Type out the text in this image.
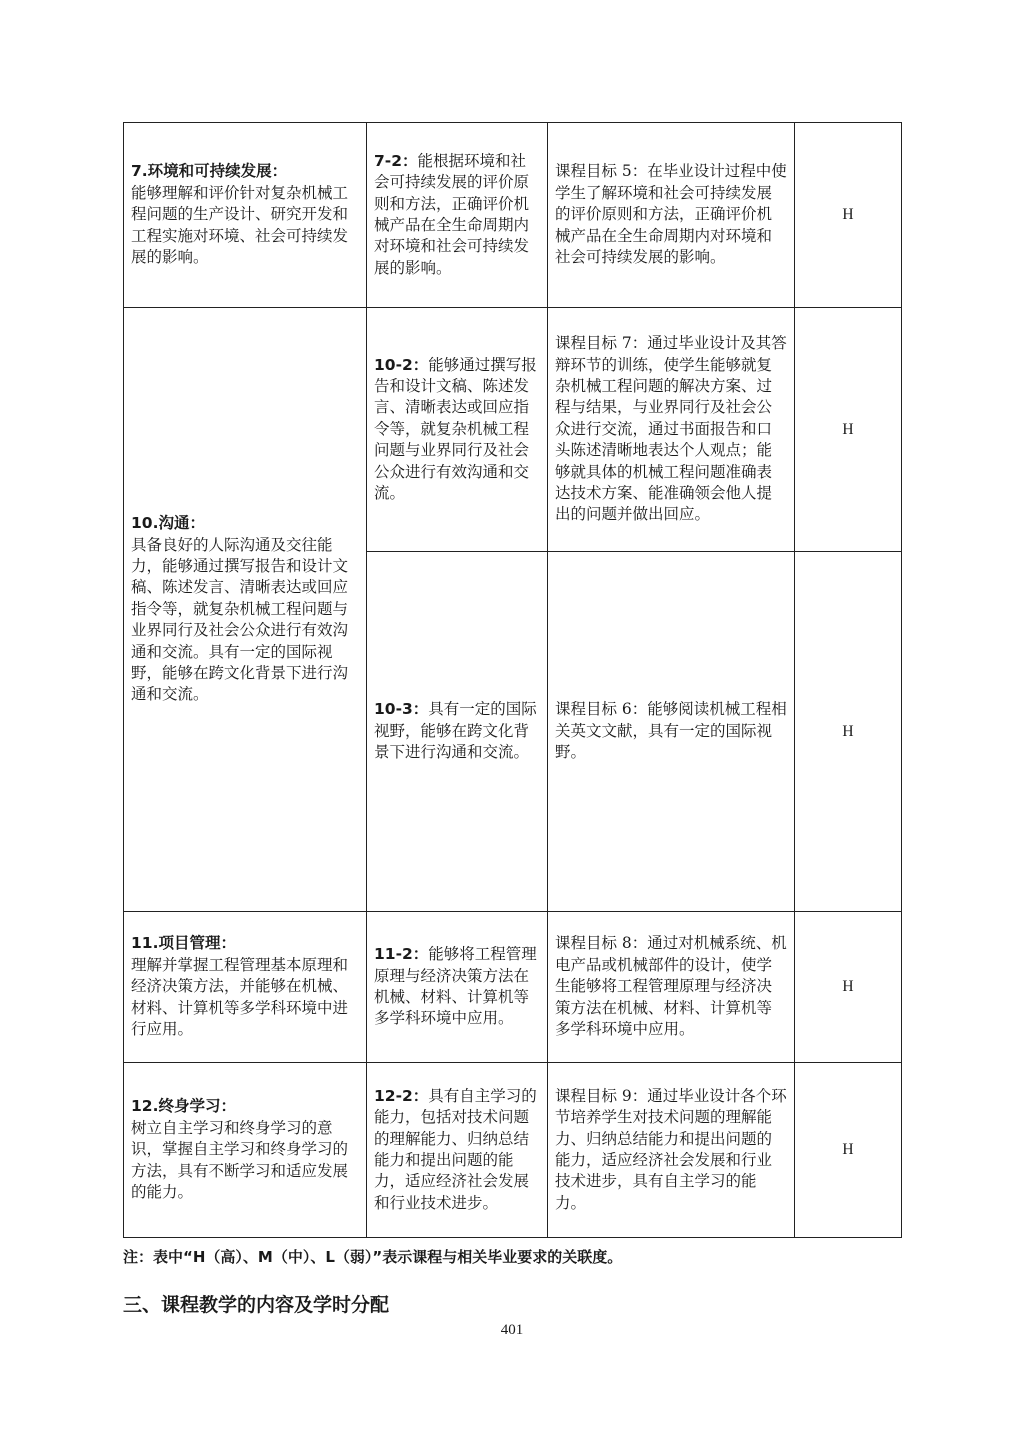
7.环境和可持续发展：
能够理解和评价针对复杂机械工程问题的生产设计、研究开发和工程实施对环境、社会可持续发展的影响。	7-2：能根据环境和社会可持续发展的评价原则和方法，正确评价机械产品在全生命周期内对环境和社会可持续发展的影响。	课程目标 5：在毕业设计过程中使学生了解环境和社会可持续发展的评价原则和方法，正确评价机械产品在全生命周期内对环境和社会可持续发展的影响。	H

10.沟通：
具备良好的人际沟通及交往能力，能够通过撰写报告和设计文稿、陈述发言、清晰表达或回应指令等，就复杂机械工程问题与业界同行及社会公众进行有效沟通和交流。具有一定的国际视野，能够在跨文化背景下进行沟通和交流。	10-2：能够通过撰写报告和设计文稿、陈述发言、清晰表达或回应指令等，就复杂机械工程问题与业界同行及社会公众进行有效沟通和交流。	课程目标 7：通过毕业设计及其答辩环节的训练，使学生能够就复杂机械工程问题的解决方案、过程与结果，与业界同行及社会公众进行交流，通过书面报告和口头陈述清晰地表达个人观点；能够就具体的机械工程问题准确表达技术方案、能准确领会他人提出的问题并做出回应。	H
	10-3：具有一定的国际视野，能够在跨文化背景下进行沟通和交流。	课程目标 6：能够阅读机械工程相关英文文献，具有一定的国际视野。	H

11.项目管理：
理解并掌握工程管理基本原理和经济决策方法，并能够在机械、材料、计算机等多学科环境中进行应用。	11-2：能够将工程管理原理与经济决策方法在机械、材料、计算机等多学科环境中应用。	课程目标 8：通过对机械系统、机电产品或机械部件的设计，使学生能够将工程管理原理与经济决策方法在机械、材料、计算机等多学科环境中应用。	H

12.终身学习：
树立自主学习和终身学习的意识，掌握自主学习和终身学习的方法，具有不断学习和适应发展的能力。	12-2：具有自主学习的能力，包括对技术问题的理解能力、归纳总结能力和提出问题的能力，适应经济社会发展和行业技术进步。	课程目标 9：通过毕业设计各个环节培养学生对技术问题的理解能力、归纳总结能力和提出问题的能力，适应经济社会发展和行业技术进步，具有自主学习的能力。	H
注：表中“H（高）、M（中）、L（弱）”表示课程与相关毕业要求的关联度。
三、课程教学的内容及学时分配
401
